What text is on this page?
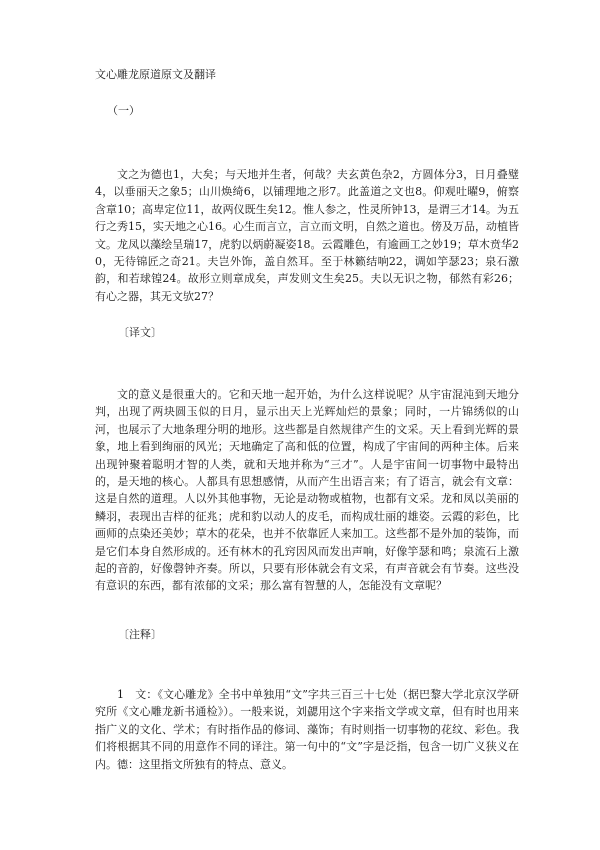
文心雕龙原道原文及翻译
（一）

文之为德也1，大矣；与天地并生者，何哉？夫玄黄色杂2，方圆体分3，日月叠璧4，以垂丽天之象5；山川焕绮6，以铺理地之形7。此盖道之文也8。仰观吐曜9，俯察含章10；高卑定位11，故两仪既生矣12。惟人参之，性灵所钟13，是谓三才14。为五行之秀15，实天地之心16。心生而言立，言立而文明，自然之道也。傍及万品，动植皆文。龙凤以藻绘呈瑞17，虎豹以炳蔚凝姿18。云霞雕色，有逾画工之妙19；草木贲华20，无待锦匠之奇21。夫岂外饰，盖自然耳。至于林籁结响22，调如竽瑟23；泉石激韵，和若球锽24。故形立则章成矣，声发则文生矣25。夫以无识之物，郁然有彩26；有心之器，其无文欤27？

〔译文〕

文的意义是很重大的。它和天地一起开始，为什么这样说呢？从宇宙混沌到天地分判，出现了两块圆玉似的日月，显示出天上光辉灿烂的景象；同时，一片锦绣似的山河，也展示了大地条理分明的地形。这些都是自然规律产生的文采。天上看到光辉的景象，地上看到绚丽的风光；天地确定了高和低的位置，构成了宇宙间的两种主体。后来出现钟聚着聪明才智的人类，就和天地并称为“三才”。人是宇宙间一切事物中最特出的，是天地的核心。人都具有思想感情，从而产生出语言来；有了语言，就会有文章：这是自然的道理。人以外其他事物，无论是动物或植物，也都有文采。龙和凤以美丽的鳞羽，表现出吉样的征兆；虎和豹以动人的皮毛，而构成壮丽的雄姿。云霞的彩色，比画师的点染还美妙；草木的花朵，也并不依靠匠人来加工。这些都不是外加的装饰，而是它们本身自然形成的。还有林木的孔窍因风而发出声响，好像竽瑟和鸣；泉流石上激起的音韵，好像磬钟齐奏。所以，只要有形体就会有文采，有声音就会有节奏。这些没有意识的东西，都有浓郁的文采；那么富有智慧的人，怎能没有文章呢？

〔注释〕

1　文：《文心雕龙》全书中单独用“文”字共三百三十七处（据巴黎大学北京汉学研究所《文心雕龙新书通检》）。一般来说，刘勰用这个字来指文学或文章，但有时也用来指广义的文化、学术；有时指作品的修词、藻饰；有时则指一切事物的花纹、彩色。我们将根据其不同的用意作不同的译注。第一句中的“文”字是泛指，包含一切广义狭义在内。德：这里指文所独有的特点、意义。
